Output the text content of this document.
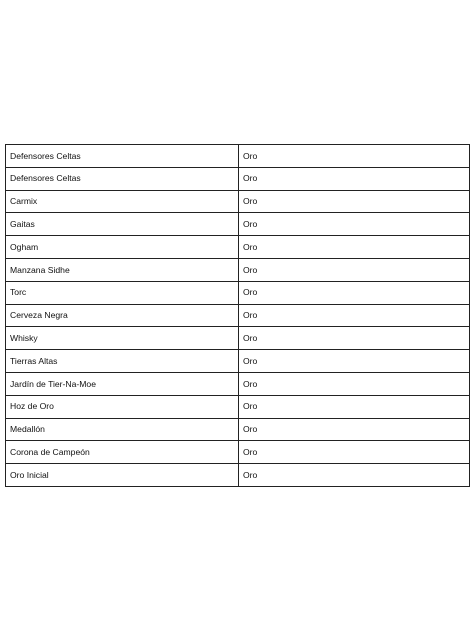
Defensores Celtas	Oro
Defensores Celtas	Oro
Carmix	Oro
Gaitas	Oro
Ogham	Oro
Manzana Sidhe	Oro
Torc	Oro
Cerveza Negra	Oro
Whisky	Oro
Tierras Altas	Oro
Jardín de Tier-Na-Moe	Oro
Hoz de Oro	Oro
Medallón	Oro
Corona de Campeón	Oro
Oro Inicial	Oro
